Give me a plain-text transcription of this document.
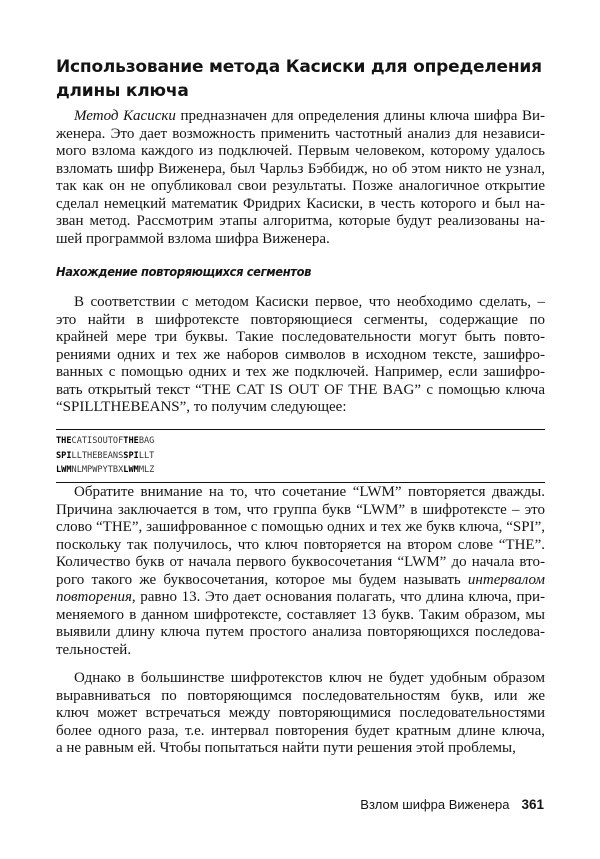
Использование метода Касиски для определения
длины ключа
Метод Касиски предназначен для определения длины ключа шифра Ви-
женера. Это дает возможность применить частотный анализ для независи-
мого взлома каждого из подключей. Первым человеком, которому удалось
взломать шифр Виженера, был Чарльз Бэббидж, но об этом никто не узнал,
так как он не опубликовал свои результаты. Позже аналогичное открытие
сделал немецкий математик Фридрих Касиски, в честь которого и был на-
зван метод. Рассмотрим этапы алгоритма, которые будут реализованы на-
шей программой взлома шифра Виженера.
Нахождение повторяющихся сегментов
В соответствии с методом Касиски первое, что необходимо сделать, –
это найти в шифротексте повторяющиеся сегменты, содержащие по
крайней мере три буквы. Такие последовательности могут быть повто-
рениями одних и тех же наборов символов в исходном тексте, зашифро-
ванных с помощью одних и тех же подключей. Например, если зашифро-
вать открытый текст “THE CAT IS OUT OF THE BAG” с помощью ключа
“SPILLTHEBEANS”, то получим следующее:
THECATISOUTOFTHEBAG
SPILLTHEBEANSSPILLT
LWMNLMPWPYTBXLWMMLZ
Обратите внимание на то, что сочетание “LWM” повторяется дважды.
Причина заключается в том, что группа букв “LWM” в шифротексте – это
слово “THE”, зашифрованное с помощью одних и тех же букв ключа, “SPI”,
поскольку так получилось, что ключ повторяется на втором слове “THE”.
Количество букв от начала первого буквосочетания “LWM” до начала вто-
рого такого же буквосочетания, которое мы будем называть интервалом
повторения, равно 13. Это дает основания полагать, что длина ключа, при-
меняемого в данном шифротексте, составляет 13 букв. Таким образом, мы
выявили длину ключа путем простого анализа повторяющихся последова-
тельностей.
Однако в большинстве шифротекстов ключ не будет удобным образом
выравниваться по повторяющимся последовательностям букв, или же
ключ может встречаться между повторяющимися последовательностями
более одного раза, т.е. интервал повторения будет кратным длине ключа,
а не равным ей. Чтобы попытаться найти пути решения этой проблемы,
Взлом шифра Виженера 361
